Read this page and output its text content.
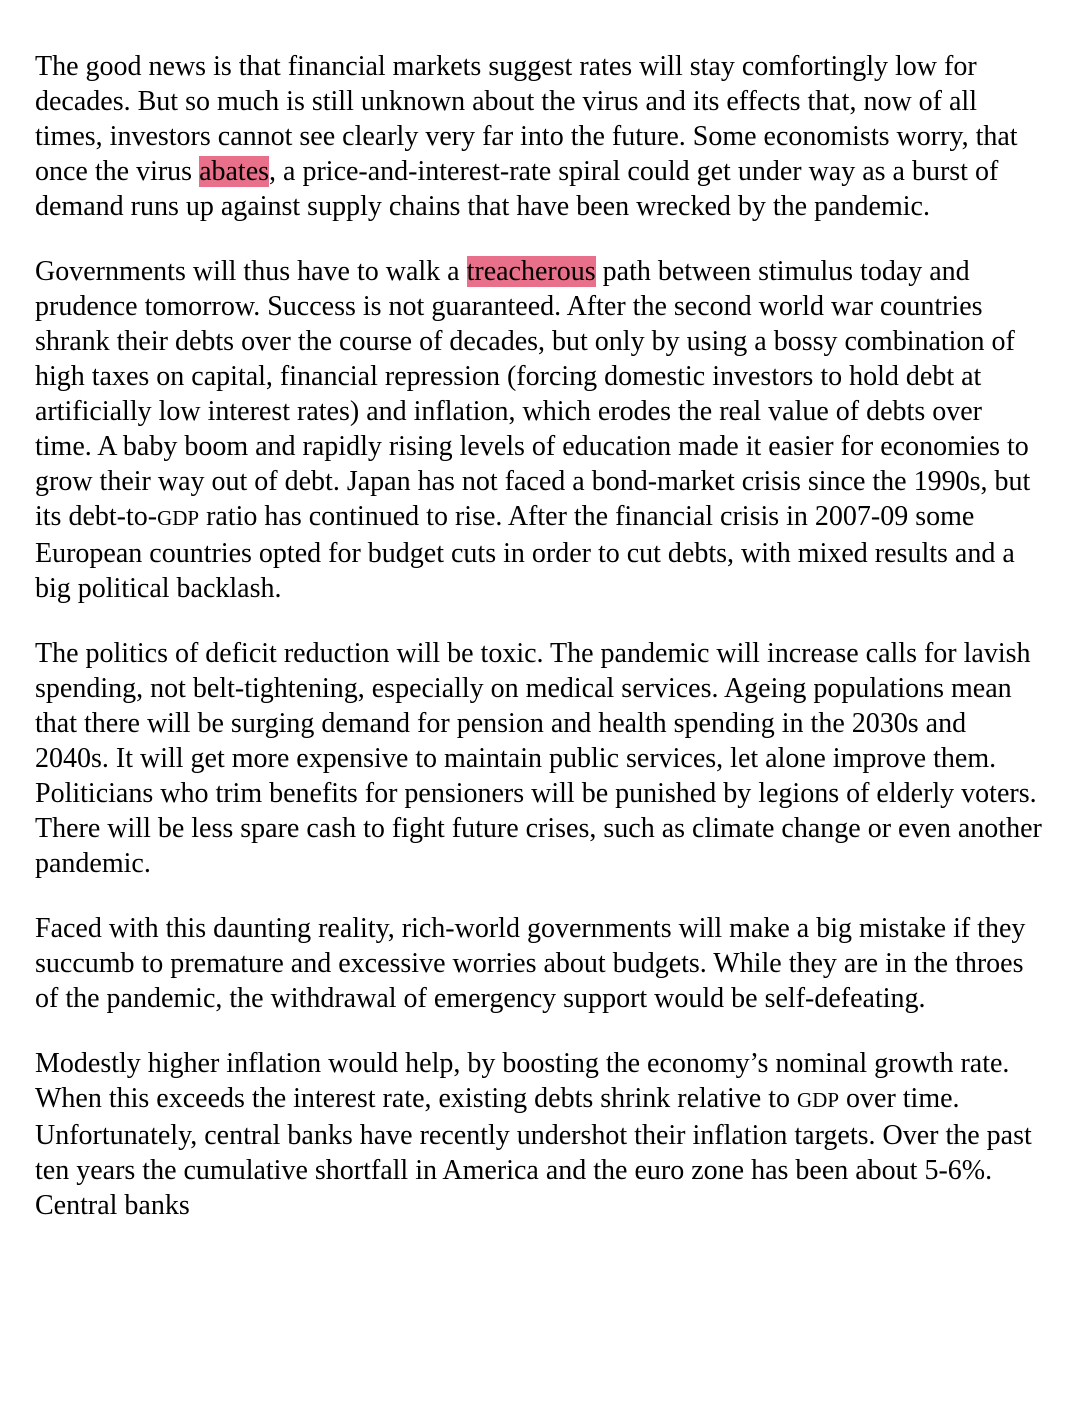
The good news is that financial markets suggest rates will stay comfortingly low for decades. But so much is still unknown about the virus and its effects that, now of all times, investors cannot see clearly very far into the future. Some economists worry, that once the virus abates, a price-and-interest-rate spiral could get under way as a burst of demand runs up against supply chains that have been wrecked by the pandemic.

Governments will thus have to walk a treacherous path between stimulus today and prudence tomorrow. Success is not guaranteed. After the second world war countries shrank their debts over the course of decades, but only by using a bossy combination of high taxes on capital, financial repression (forcing domestic investors to hold debt at artificially low interest rates) and inflation, which erodes the real value of debts over time. A baby boom and rapidly rising levels of education made it easier for economies to grow their way out of debt. Japan has not faced a bond-market crisis since the 1990s, but its debt-to-GDP ratio has continued to rise. After the financial crisis in 2007-09 some European countries opted for budget cuts in order to cut debts, with mixed results and a big political backlash.

The politics of deficit reduction will be toxic. The pandemic will increase calls for lavish spending, not belt-tightening, especially on medical services. Ageing populations mean that there will be surging demand for pension and health spending in the 2030s and 2040s. It will get more expensive to maintain public services, let alone improve them. Politicians who trim benefits for pensioners will be punished by legions of elderly voters. There will be less spare cash to fight future crises, such as climate change or even another pandemic.

Faced with this daunting reality, rich-world governments will make a big mistake if they succumb to premature and excessive worries about budgets. While they are in the throes of the pandemic, the withdrawal of emergency support would be self-defeating.

Modestly higher inflation would help, by boosting the economy’s nominal growth rate. When this exceeds the interest rate, existing debts shrink relative to GDP over time. Unfortunately, central banks have recently undershot their inflation targets. Over the past ten years the cumulative shortfall in America and the euro zone has been about 5-6%. Central banks
